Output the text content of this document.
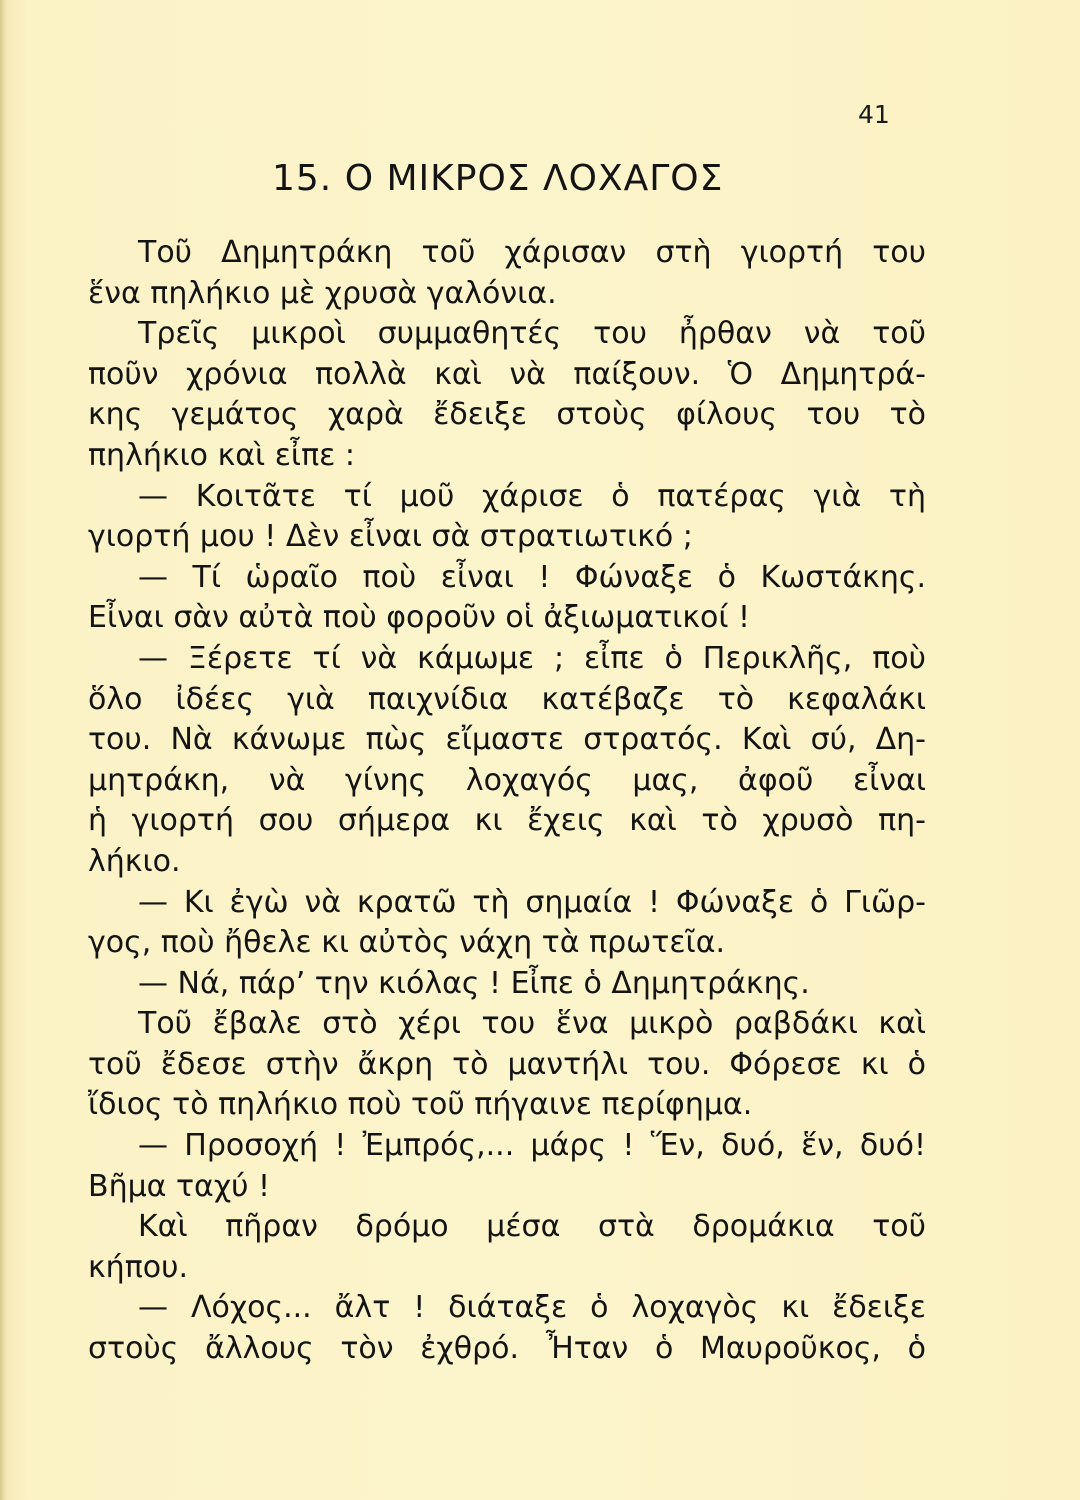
41
15. Ο ΜΙΚΡΟΣ ΛΟΧΑΓΟΣ
Τοῦ Δημητράκη τοῦ χάρισαν στὴ γιορτή του
ἕνα πηλήκιο μὲ χρυσὰ γαλόνια.
Τρεῖς μικροὶ συμμαθητές του ἦρθαν νὰ τοῦ
ποῦν χρόνια πολλὰ καὶ νὰ παίξουν. Ὁ Δημητρά-
κης γεμάτος χαρὰ ἔδειξε στοὺς φίλους του τὸ
πηλήκιο καὶ εἶπε :
— Κοιτᾶτε τί μοῦ χάρισε ὁ πατέρας γιὰ τὴ
γιορτή μου ! Δὲν εἶναι σὰ στρατιωτικό ;
— Τί ὡραῖο ποὺ εἶναι ! Φώναξε ὁ Κωστάκης.
Εἶναι σὰν αὐτὰ ποὺ φοροῦν οἱ ἀξιωματικοί !
— Ξέρετε τί νὰ κάμωμε ; εἶπε ὁ Περικλῆς, ποὺ
ὅλο ἰδέες γιὰ παιχνίδια κατέβαζε τὸ κεφαλάκι
του. Νὰ κάνωμε πὼς εἴμαστε στρατός. Καὶ σύ, Δη-
μητράκη, νὰ γίνης λοχαγός μας, ἀφοῦ εἶναι
ἡ γιορτή σου σήμερα κι ἔχεις καὶ τὸ χρυσὸ πη-
λήκιο.
— Κι ἐγὼ νὰ κρατῶ τὴ σημαία ! Φώναξε ὁ Γιῶρ-
γος, ποὺ ἤθελε κι αὐτὸς νάχη τὰ πρωτεῖα.
— Νά, πάρ’ την κιόλας ! Εἶπε ὁ Δημητράκης.
Τοῦ ἔβαλε στὸ χέρι του ἕνα μικρὸ ραβδάκι καὶ
τοῦ ἔδεσε στὴν ἄκρη τὸ μαντήλι του. Φόρεσε κι ὁ
ἴδιος τὸ πηλήκιο ποὺ τοῦ πήγαινε περίφημα.
— Προσοχή ! Ἐμπρός,... μάρς ! Ἕν, δυό, ἕν, δυό!
Βῆμα ταχύ !
Καὶ πῆραν δρόμο μέσα στὰ δρομάκια τοῦ
κήπου.
— Λόχος... ἄλτ ! διάταξε ὁ λοχαγὸς κι ἔδειξε
στοὺς ἄλλους τὸν ἐχθρό. Ἦταν ὁ Μαυροῦκος, ὁ
